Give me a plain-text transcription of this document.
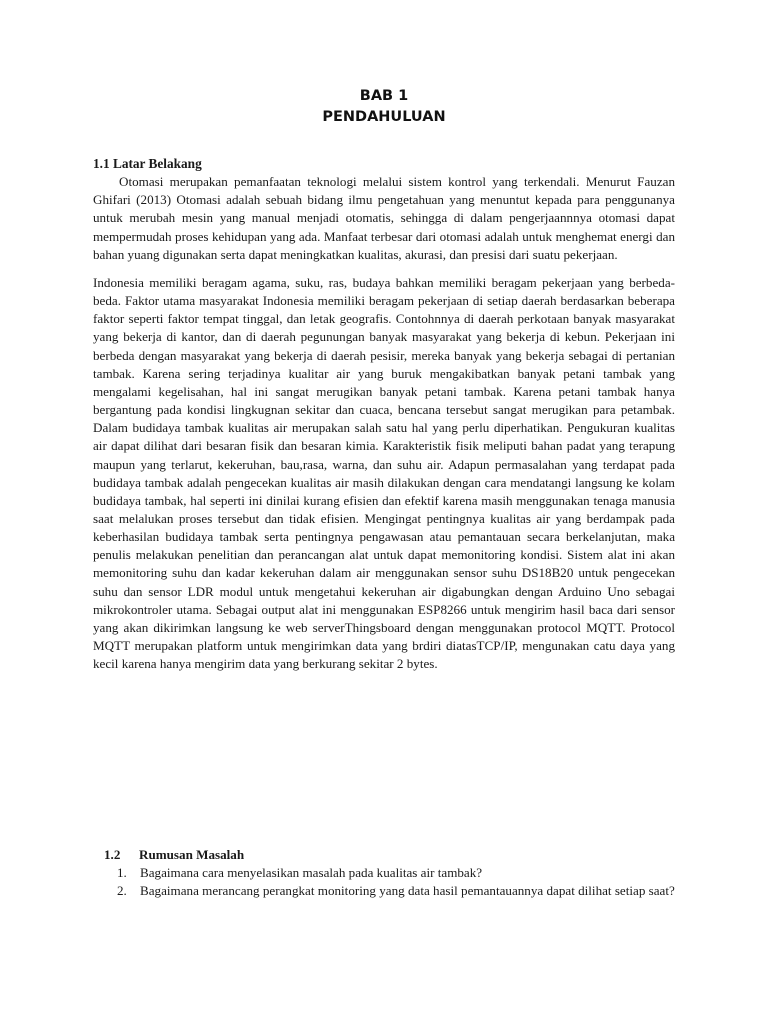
BAB 1
PENDAHULUAN

1.1 Latar Belakang

Otomasi merupakan pemanfaatan teknologi melalui sistem kontrol yang terkendali. Menurut Fauzan Ghifari (2013) Otomasi adalah sebuah bidang ilmu pengetahuan yang menuntut kepada para penggunanya untuk merubah mesin yang manual menjadi otomatis, sehingga di dalam pengerjaannnya otomasi dapat mempermudah proses kehidupan yang ada. Manfaat terbesar dari otomasi adalah untuk menghemat energi dan bahan yuang digunakan serta dapat meningkatkan kualitas, akurasi, dan presisi dari suatu pekerjaan.

Indonesia memiliki beragam agama, suku, ras, budaya bahkan memiliki beragam pekerjaan yang berbeda-beda. Faktor utama masyarakat Indonesia memiliki beragam pekerjaan di setiap daerah berdasarkan beberapa faktor seperti faktor tempat tinggal, dan letak geografis. Contohnnya di daerah perkotaan banyak masyarakat yang bekerja di kantor, dan di daerah pegunungan banyak masyarakat yang bekerja di kebun. Pekerjaan ini berbeda dengan masyarakat yang bekerja di daerah pesisir, mereka banyak yang bekerja sebagai di pertanian tambak. Karena sering terjadinya kualitar air yang buruk mengakibatkan banyak petani tambak yang mengalami kegelisahan, hal ini sangat merugikan banyak petani tambak. Karena petani tambak hanya bergantung pada kondisi lingkugnan sekitar dan cuaca, bencana tersebut sangat merugikan para petambak. Dalam budidaya tambak kualitas air merupakan salah satu hal yang perlu diperhatikan. Pengukuran kualitas air dapat dilihat dari besaran fisik dan besaran kimia. Karakteristik fisik meliputi bahan padat yang terapung maupun yang terlarut, kekeruhan, bau,rasa, warna, dan suhu air. Adapun permasalahan yang terdapat pada budidaya tambak adalah pengecekan kualitas air masih dilakukan dengan cara mendatangi langsung ke kolam budidaya tambak, hal seperti ini dinilai kurang efisien dan efektif karena masih menggunakan tenaga manusia saat melalukan proses tersebut dan tidak efisien. Mengingat pentingnya kualitas air yang berdampak pada keberhasilan budidaya tambak serta pentingnya pengawasan atau pemantauan secara berkelanjutan, maka penulis melakukan penelitian dan perancangan alat untuk dapat memonitoring kondisi. Sistem alat ini akan memonitoring suhu dan kadar kekeruhan dalam air menggunakan sensor suhu DS18B20 untuk pengecekan suhu dan sensor LDR modul untuk mengetahui kekeruhan air digabungkan dengan Arduino Uno sebagai mikrokontroler utama. Sebagai output alat ini menggunakan ESP8266 untuk mengirim hasil baca dari sensor yang akan dikirimkan langsung ke web serverThingsboard dengan menggunakan protocol MQTT. Protocol MQTT merupakan platform untuk mengirimkan data yang brdiri diatasTCP/IP, mengunakan catu daya yang kecil karena hanya mengirim data yang berkurang sekitar 2 bytes.

1.2	Rumusan Masalah

1.	Bagaimana cara menyelasikan masalah pada kualitas air tambak?
2.	Bagaimana merancang perangkat monitoring yang data hasil pemantauannya dapat dilihat setiap saat?
